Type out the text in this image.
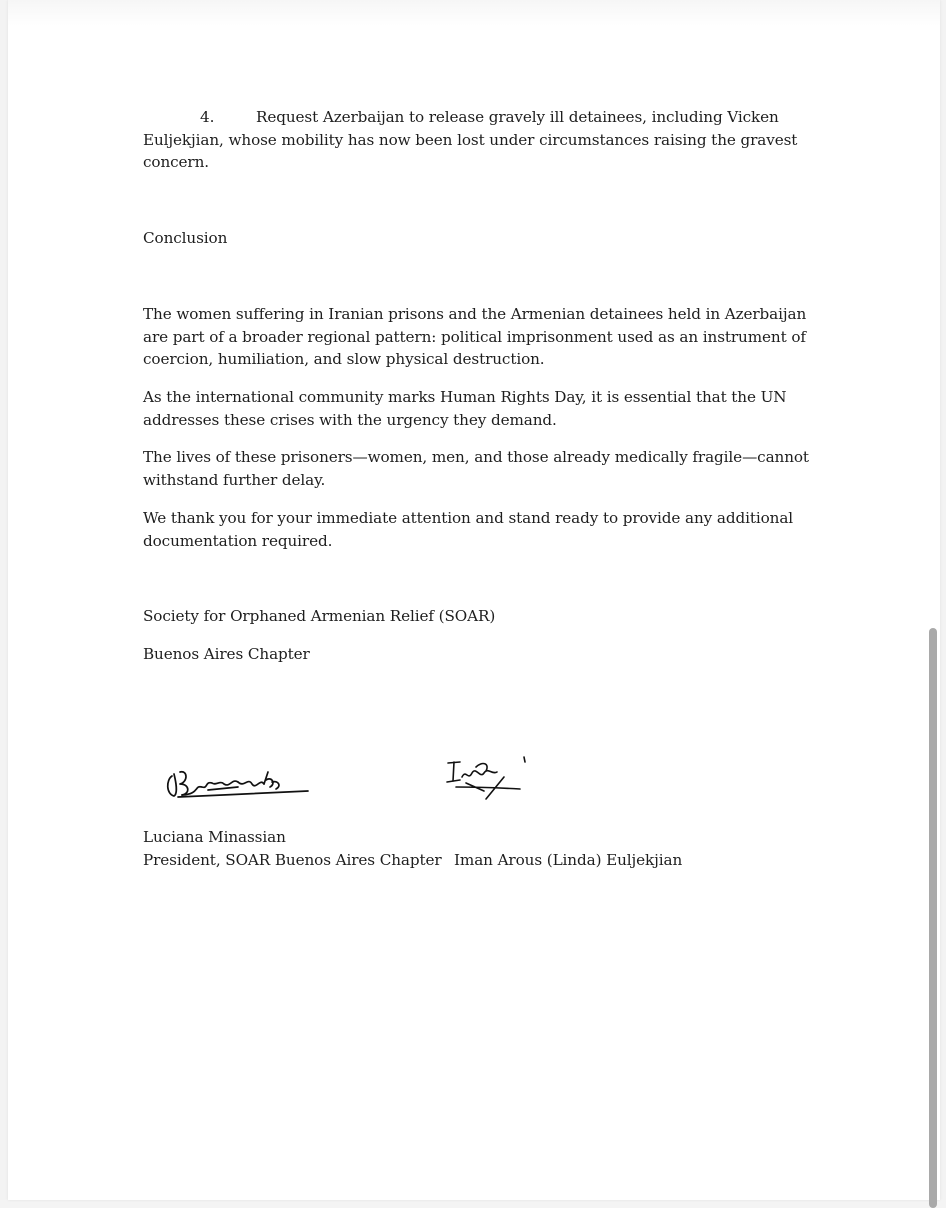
4.	Request Azerbaijan to release gravely ill detainees, including Vicken
Euljekjian, whose mobility has now been lost under circumstances raising the gravest concern.

Conclusion

The women suffering in Iranian prisons and the Armenian detainees held in Azerbaijan are part of a broader regional pattern: political imprisonment used as an instrument of coercion, humiliation, and slow physical destruction.

As the international community marks Human Rights Day, it is essential that the UN addresses these crises with the urgency they demand.

The lives of these prisoners—women, men, and those already medically fragile—cannot withstand further delay.

We thank you for your immediate attention and stand ready to provide any additional documentation required.

Society for Orphaned Armenian Relief (SOAR)

Buenos Aires Chapter

Luciana Minassian

President, SOAR Buenos Aires Chapter Iman Arous (Linda) Euljekjian
